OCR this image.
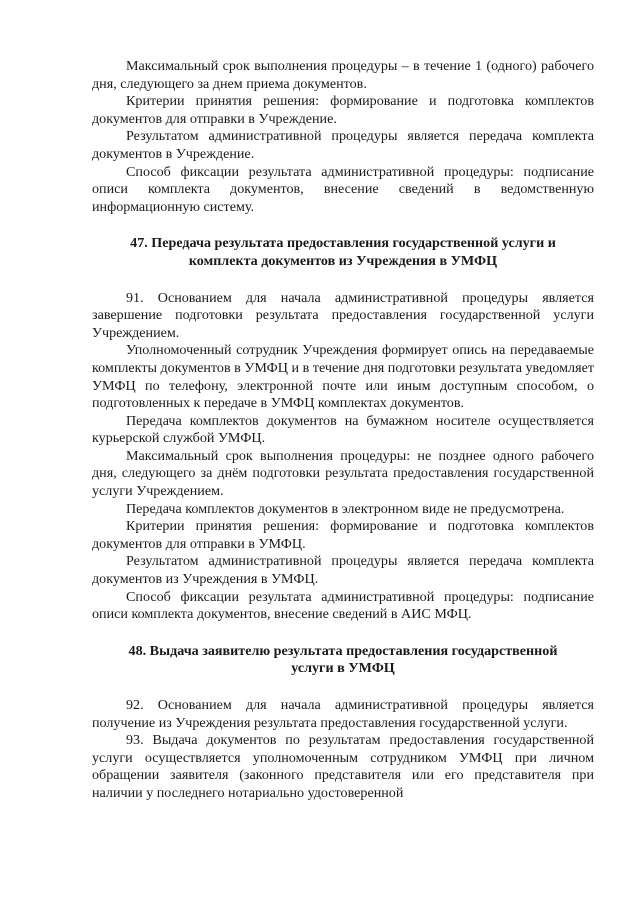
Максимальный срок выполнения процедуры – в течение 1 (одного) рабочего дня, следующего за днем приема документов.

Критерии принятия решения: формирование и подготовка комплектов документов для отправки в Учреждение.

Результатом административной процедуры является передача комплекта документов в Учреждение.

Способ фиксации результата административной процедуры: подписание описи комплекта документов, внесение сведений в ведомственную информационную систему.

47. Передача результата предоставления государственной услуги и комплекта документов из Учреждения в УМФЦ

91. Основанием для начала административной процедуры является завершение подготовки результата предоставления государственной услуги Учреждением.

Уполномоченный сотрудник Учреждения формирует опись на передаваемые комплекты документов в УМФЦ и в течение дня подготовки результата уведомляет УМФЦ по телефону, электронной почте или иным доступным способом, о подготовленных к передаче в УМФЦ комплектах документов.

Передача комплектов документов на бумажном носителе осуществляется курьерской службой УМФЦ.

Максимальный срок выполнения процедуры: не позднее одного рабочего дня, следующего за днём подготовки результата предоставления государственной услуги Учреждением.

Передача комплектов документов в электронном виде не предусмотрена.

Критерии принятия решения: формирование и подготовка комплектов документов для отправки в УМФЦ.

Результатом административной процедуры является передача комплекта документов из Учреждения в УМФЦ.

Способ фиксации результата административной процедуры: подписание описи комплекта документов, внесение сведений в АИС МФЦ.

48. Выдача заявителю результата предоставления государственной услуги в УМФЦ

92. Основанием для начала административной процедуры является получение из Учреждения результата предоставления государственной услуги.

93. Выдача документов по результатам предоставления государственной услуги осуществляется уполномоченным сотрудником УМФЦ при личном обращении заявителя (законного представителя или его представителя при наличии у последнего нотариально удостоверенной
